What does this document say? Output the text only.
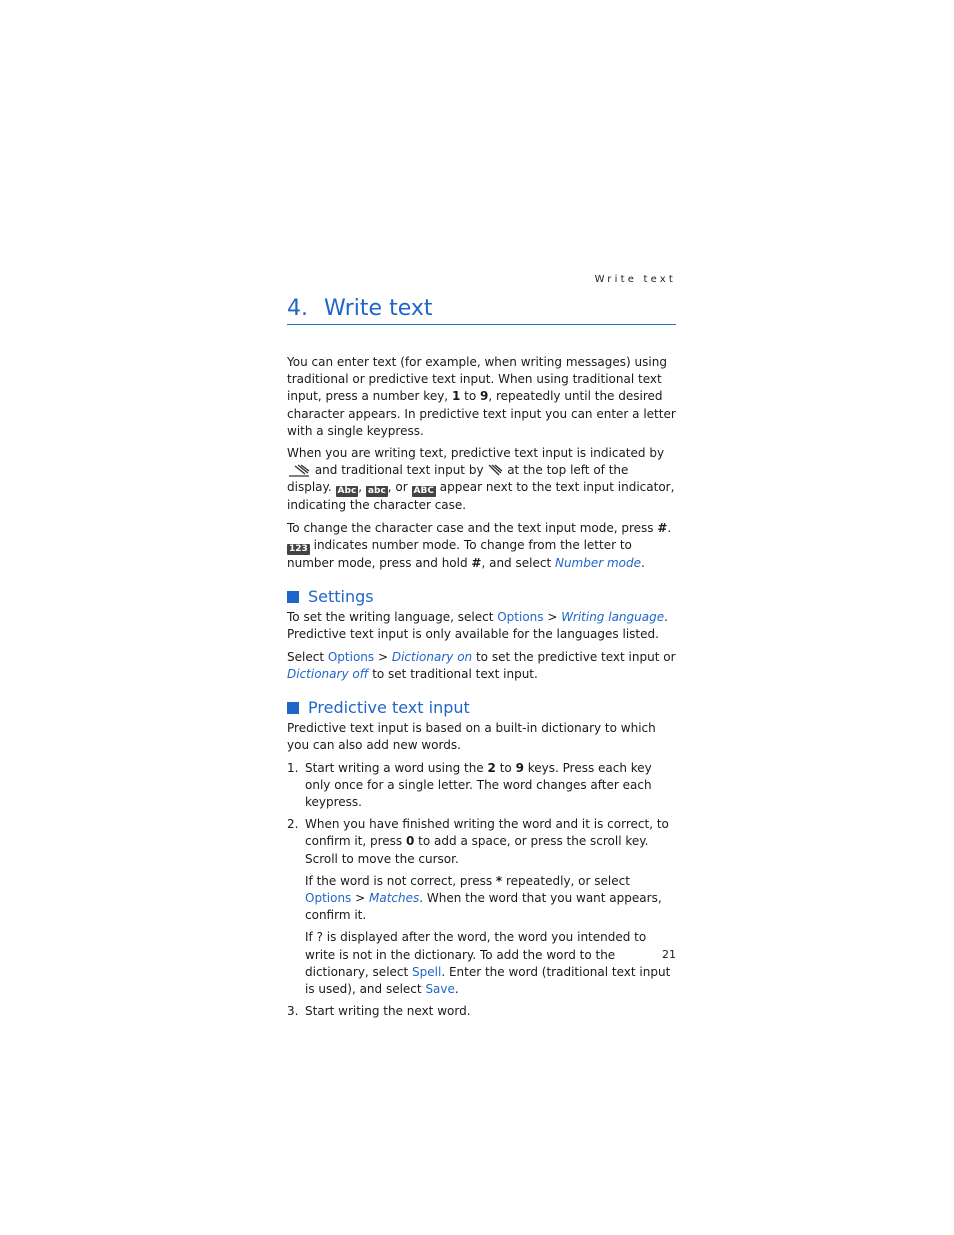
Write text
4. Write text

You can enter text (for example, when writing messages) using traditional or predictive text input. When using traditional text input, press a number key, 1 to 9, repeatedly until the desired character appears. In predictive text input you can enter a letter with a single keypress.

When you are writing text, predictive text input is indicated by  and traditional text input by  at the top left of the display. Abc , abc , or ABC appear next to the text input indicator, indicating the character case.

To change the character case and the text input mode, press #. 123 indicates number mode. To change from the letter to number mode, press and hold #, and select Number mode.

Settings

To set the writing language, select Options > Writing language. Predictive text input is only available for the languages listed.

Select Options > Dictionary on to set the predictive text input or Dictionary off to set traditional text input.

Predictive text input

Predictive text input is based on a built-in dictionary to which you can also add new words.

1. Start writing a word using the 2 to 9 keys. Press each key only once for a single letter. The word changes after each keypress.
2. When you have finished writing the word and it is correct, to confirm it, press 0 to add a space, or press the scroll key. Scroll to move the cursor.

If the word is not correct, press * repeatedly, or select Options > Matches. When the word that you want appears, confirm it.

If ? is displayed after the word, the word you intended to write is not in the dictionary. To add the word to the dictionary, select Spell. Enter the word (traditional text input is used), and select Save.

3. Start writing the next word.
21
